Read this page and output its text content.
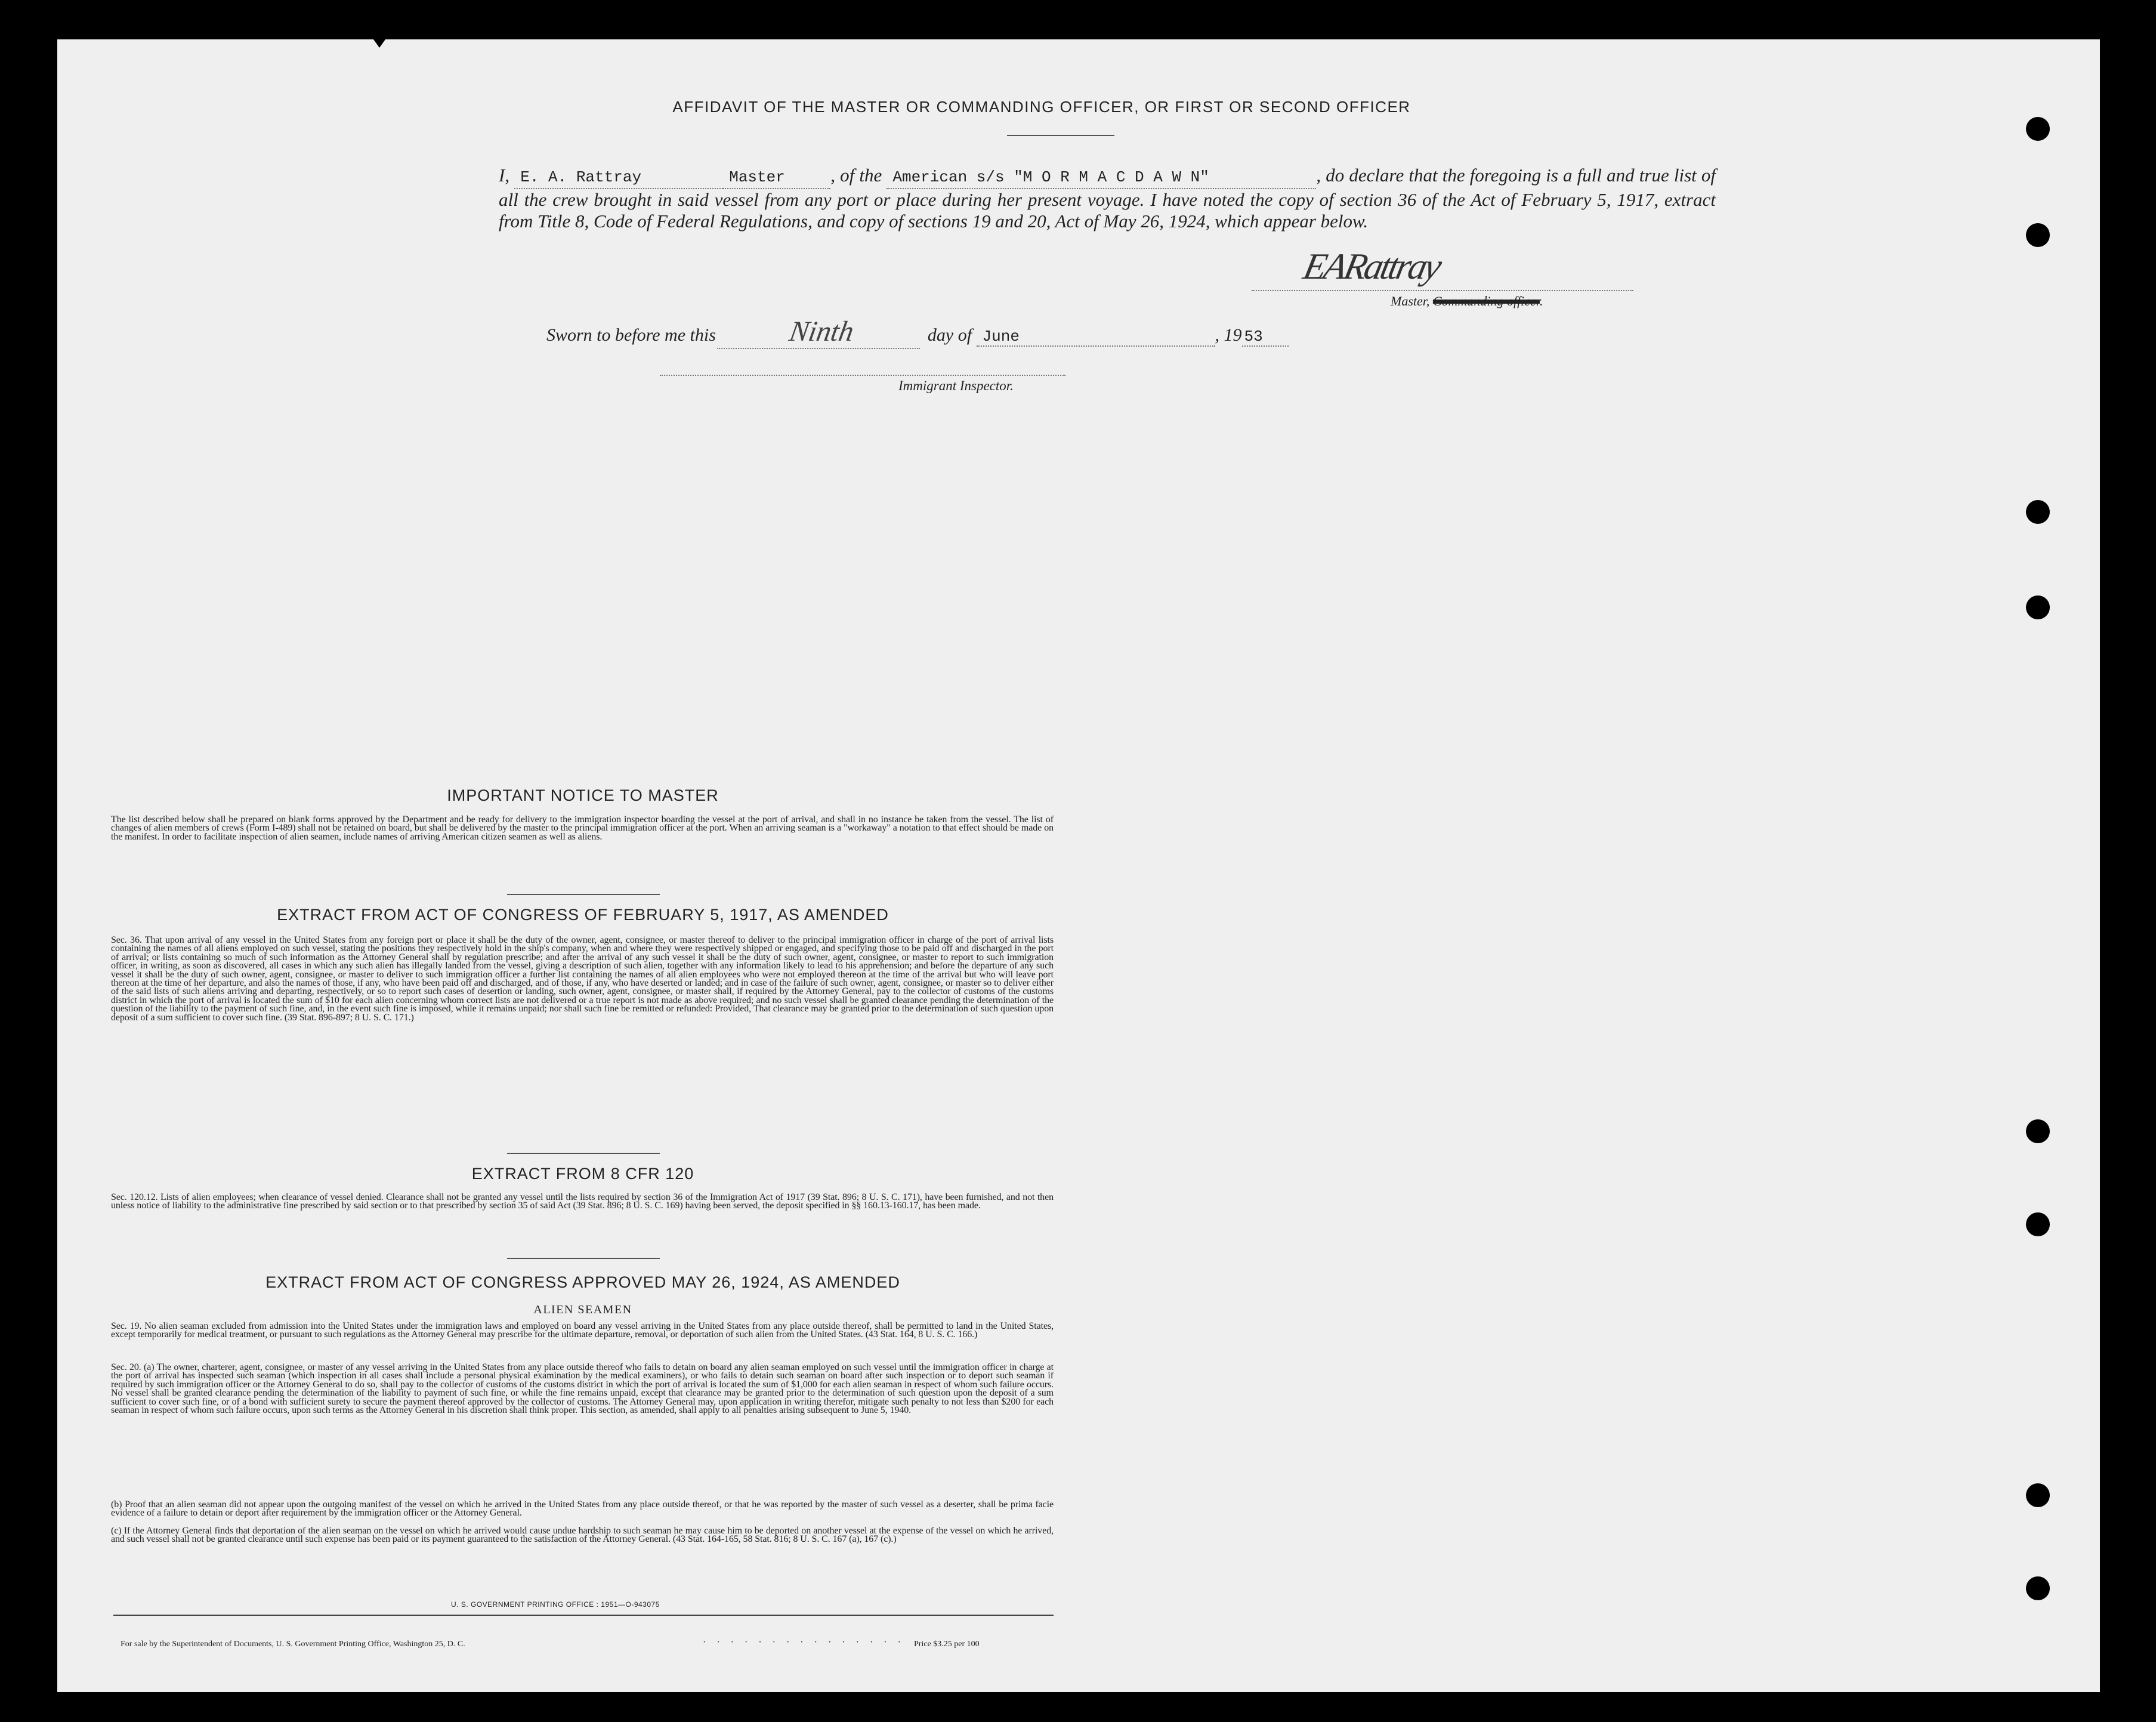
AFFIDAVIT OF THE MASTER OR COMMANDING OFFICER, OR FIRST OR SECOND OFFICER
I, E. A. Rattray	Master , of the American s/s "M O R M A C D A W N"	, do declare that the foregoing is a full and true list of all the crew brought in said vessel from any port or place during her present voyage. I have noted the copy of section 36 of the Act of February 5, 1917, extract from Title 8, Code of Federal Regulations, and copy of sections 19 and 20, Act of May 26, 1924, which appear below.
EARattray
Master, Commanding officer.
Sworn to before me this Ninth	day of June	, 19 53
Immigrant Inspector.
IMPORTANT NOTICE TO MASTER
The list described below shall be prepared on blank forms approved by the Department and be ready for delivery to the immigration inspector boarding the vessel at the port of arrival, and shall in no instance be taken from the vessel. The list of changes of alien members of crews (Form I-489) shall not be retained on board, but shall be delivered by the master to the principal immigration officer at the port. When an arriving seaman is a "workaway" a notation to that effect should be made on the manifest. In order to facilitate inspection of alien seamen, include names of arriving American citizen seamen as well as aliens.
EXTRACT FROM ACT OF CONGRESS OF FEBRUARY 5, 1917, AS AMENDED
Sec. 36. That upon arrival of any vessel in the United States from any foreign port or place it shall be the duty of the owner, agent, consignee, or master thereof to deliver to the principal immigration officer in charge of the port of arrival lists containing the names of all aliens employed on such vessel, stating the positions they respectively hold in the ship's company, when and where they were respectively shipped or engaged, and specifying those to be paid off and discharged in the port of arrival; or lists containing so much of such information as the Attorney General shall by regulation prescribe; and after the arrival of any such vessel it shall be the duty of such owner, agent, consignee, or master to report to such immigration officer, in writing, as soon as discovered, all cases in which any such alien has illegally landed from the vessel, giving a description of such alien, together with any information likely to lead to his apprehension; and before the departure of any such vessel it shall be the duty of such owner, agent, consignee, or master to deliver to such immigration officer a further list containing the names of all alien employees who were not employed thereon at the time of the arrival but who will leave port thereon at the time of her departure, and also the names of those, if any, who have been paid off and discharged, and of those, if any, who have deserted or landed; and in case of the failure of such owner, agent, consignee, or master so to deliver either of the said lists of such aliens arriving and departing, respectively, or so to report such cases of desertion or landing, such owner, agent, consignee, or master shall, if required by the Attorney General, pay to the collector of customs of the customs district in which the port of arrival is located the sum of $10 for each alien concerning whom correct lists are not delivered or a true report is not made as above required; and no such vessel shall be granted clearance pending the determination of the question of the liability to the payment of such fine, and, in the event such fine is imposed, while it remains unpaid; nor shall such fine be remitted or refunded: Provided, That clearance may be granted prior to the determination of such question upon deposit of a sum sufficient to cover such fine. (39 Stat. 896-897; 8 U. S. C. 171.)
EXTRACT FROM 8 CFR 120
Sec. 120.12. Lists of alien employees; when clearance of vessel denied. Clearance shall not be granted any vessel until the lists required by section 36 of the Immigration Act of 1917 (39 Stat. 896; 8 U. S. C. 171), have been furnished, and not then unless notice of liability to the administrative fine prescribed by said section or to that prescribed by section 35 of said Act (39 Stat. 896; 8 U. S. C. 169) having been served, the deposit specified in §§ 160.13-160.17, has been made.
EXTRACT FROM ACT OF CONGRESS APPROVED MAY 26, 1924, AS AMENDED
ALIEN SEAMEN
Sec. 19. No alien seaman excluded from admission into the United States under the immigration laws and employed on board any vessel arriving in the United States from any place outside thereof, shall be permitted to land in the United States, except temporarily for medical treatment, or pursuant to such regulations as the Attorney General may prescribe for the ultimate departure, removal, or deportation of such alien from the United States. (43 Stat. 164, 8 U. S. C. 166.)
Sec. 20. (a) The owner, charterer, agent, consignee, or master of any vessel arriving in the United States from any place outside thereof who fails to detain on board any alien seaman employed on such vessel until the immigration officer in charge at the port of arrival has inspected such seaman (which inspection in all cases shall include a personal physical examination by the medical examiners), or who fails to detain such seaman on board after such inspection or to deport such seaman if required by such immigration officer or the Attorney General to do so, shall pay to the collector of customs of the customs district in which the port of arrival is located the sum of $1,000 for each alien seaman in respect of whom such failure occurs. No vessel shall be granted clearance pending the determination of the liability to payment of such fine, or while the fine remains unpaid, except that clearance may be granted prior to the determination of such question upon the deposit of a sum sufficient to cover such fine, or of a bond with sufficient surety to secure the payment thereof approved by the collector of customs. The Attorney General may, upon application in writing therefor, mitigate such penalty to not less than $200 for each seaman in respect of whom such failure occurs, upon such terms as the Attorney General in his discretion shall think proper. This section, as amended, shall apply to all penalties arising subsequent to June 5, 1940.
(b) Proof that an alien seaman did not appear upon the outgoing manifest of the vessel on which he arrived in the United States from any place outside thereof, or that he was reported by the master of such vessel as a deserter, shall be prima facie evidence of a failure to detain or deport after requirement by the immigration officer or the Attorney General.
(c) If the Attorney General finds that deportation of the alien seaman on the vessel on which he arrived would cause undue hardship to such seaman he may cause him to be deported on another vessel at the expense of the vessel on which he arrived, and such vessel shall not be granted clearance until such expense has been paid or its payment guaranteed to the satisfaction of the Attorney General. (43 Stat. 164-165, 58 Stat. 816; 8 U. S. C. 167 (a), 167 (c).)
U. S. GOVERNMENT PRINTING OFFICE : 1951—O-943075
For sale by the Superintendent of Documents, U. S. Government Printing Office, Washington 25, D. C.	· · · · · · · · · · · · · · · Price $3.25 per 100
